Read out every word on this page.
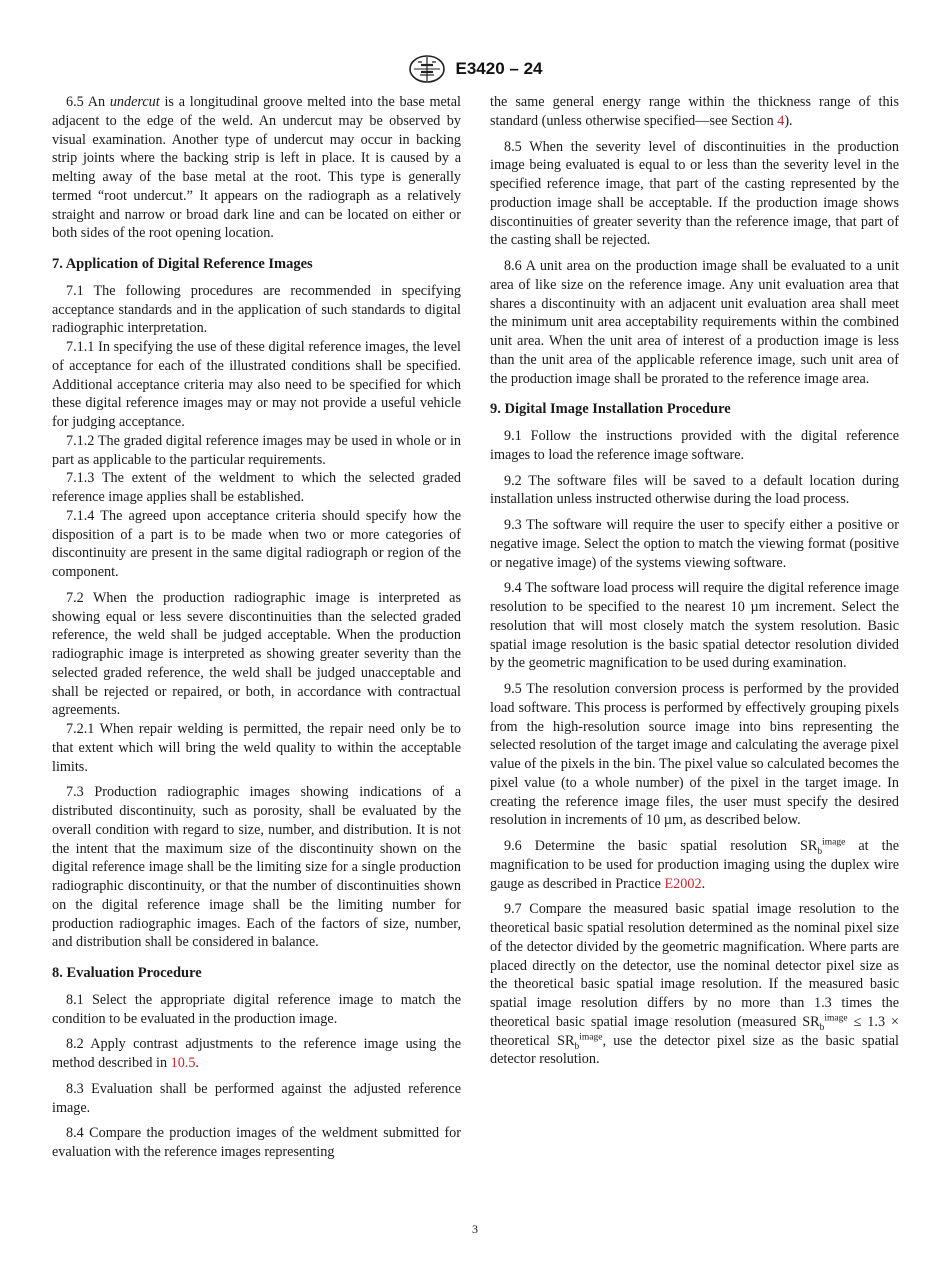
E3420 – 24

6.5 An undercut is a longitudinal groove melted into the base metal adjacent to the edge of the weld. An undercut may be observed by visual examination. Another type of undercut may occur in backing strip joints where the backing strip is left in place. It is caused by a melting away of the base metal at the root. This type is generally termed “root undercut.” It appears on the radiograph as a relatively straight and narrow or broad dark line and can be located on either or both sides of the root opening location.

7. Application of Digital Reference Images

7.1 The following procedures are recommended in specifying acceptance standards and in the application of such standards to digital radiographic interpretation.

7.1.1 In specifying the use of these digital reference images, the level of acceptance for each of the illustrated conditions shall be specified. Additional acceptance criteria may also need to be specified for which these digital reference images may or may not provide a useful vehicle for judging acceptance.

7.1.2 The graded digital reference images may be used in whole or in part as applicable to the particular requirements.

7.1.3 The extent of the weldment to which the selected graded reference image applies shall be established.

7.1.4 The agreed upon acceptance criteria should specify how the disposition of a part is to be made when two or more categories of discontinuity are present in the same digital radiograph or region of the component.

7.2 When the production radiographic image is interpreted as showing equal or less severe discontinuities than the selected graded reference, the weld shall be judged acceptable. When the production radiographic image is interpreted as showing greater severity than the selected graded reference, the weld shall be judged unacceptable and shall be rejected or repaired, or both, in accordance with contractual agreements.

7.2.1 When repair welding is permitted, the repair need only be to that extent which will bring the weld quality to within the acceptable limits.

7.3 Production radiographic images showing indications of a distributed discontinuity, such as porosity, shall be evaluated by the overall condition with regard to size, number, and distribution. It is not the intent that the maximum size of the discontinuity shown on the digital reference image shall be the limiting size for a single production radiographic discontinuity, or that the number of discontinuities shown on the digital reference image shall be the limiting number for production radiographic images. Each of the factors of size, number, and distribution shall be considered in balance.

8. Evaluation Procedure

8.1 Select the appropriate digital reference image to match the condition to be evaluated in the production image.

8.2 Apply contrast adjustments to the reference image using the method described in 10.5.

8.3 Evaluation shall be performed against the adjusted reference image.

8.4 Compare the production images of the weldment submitted for evaluation with the reference images representing

the same general energy range within the thickness range of this standard (unless otherwise specified—see Section 4).

8.5 When the severity level of discontinuities in the production image being evaluated is equal to or less than the severity level in the specified reference image, that part of the casting represented by the production image shall be acceptable. If the production image shows discontinuities of greater severity than the reference image, that part of the casting shall be rejected.

8.6 A unit area on the production image shall be evaluated to a unit area of like size on the reference image. Any unit evaluation area that shares a discontinuity with an adjacent unit evaluation area shall meet the minimum unit area acceptability requirements within the combined unit area. When the unit area of interest of a production image is less than the unit area of the applicable reference image, such unit area of the production image shall be prorated to the reference image area.

9. Digital Image Installation Procedure

9.1 Follow the instructions provided with the digital reference images to load the reference image software.

9.2 The software files will be saved to a default location during installation unless instructed otherwise during the load process.

9.3 The software will require the user to specify either a positive or negative image. Select the option to match the viewing format (positive or negative image) of the systems viewing software.

9.4 The software load process will require the digital reference image resolution to be specified to the nearest 10 µm increment. Select the resolution that will most closely match the system resolution. Basic spatial image resolution is the basic spatial detector resolution divided by the geometric magnification to be used during examination.

9.5 The resolution conversion process is performed by the provided load software. This process is performed by effectively grouping pixels from the high-resolution source image into bins representing the selected resolution of the target image and calculating the average pixel value of the pixels in the bin. The pixel value so calculated becomes the pixel value (to a whole number) of the pixel in the target image. In creating the reference image files, the user must specify the desired resolution in increments of 10 µm, as described below.

9.6 Determine the basic spatial resolution $SR_b^{image}$ at the magnification to be used for production imaging using the duplex wire gauge as described in Practice E2002.

9.7 Compare the measured basic spatial image resolution to the theoretical basic spatial resolution determined as the nominal pixel size of the detector divided by the geometric magnification. Where parts are placed directly on the detector, use the nominal detector pixel size as the theoretical basic spatial image resolution. If the measured basic spatial image resolution differs by no more than 1.3 times the theoretical basic spatial image resolution (measured $SR_b^{image} \le 1.3$ × theoretical $SR_b^{image}$, use the detector pixel size as the basic spatial detector resolution.

3
